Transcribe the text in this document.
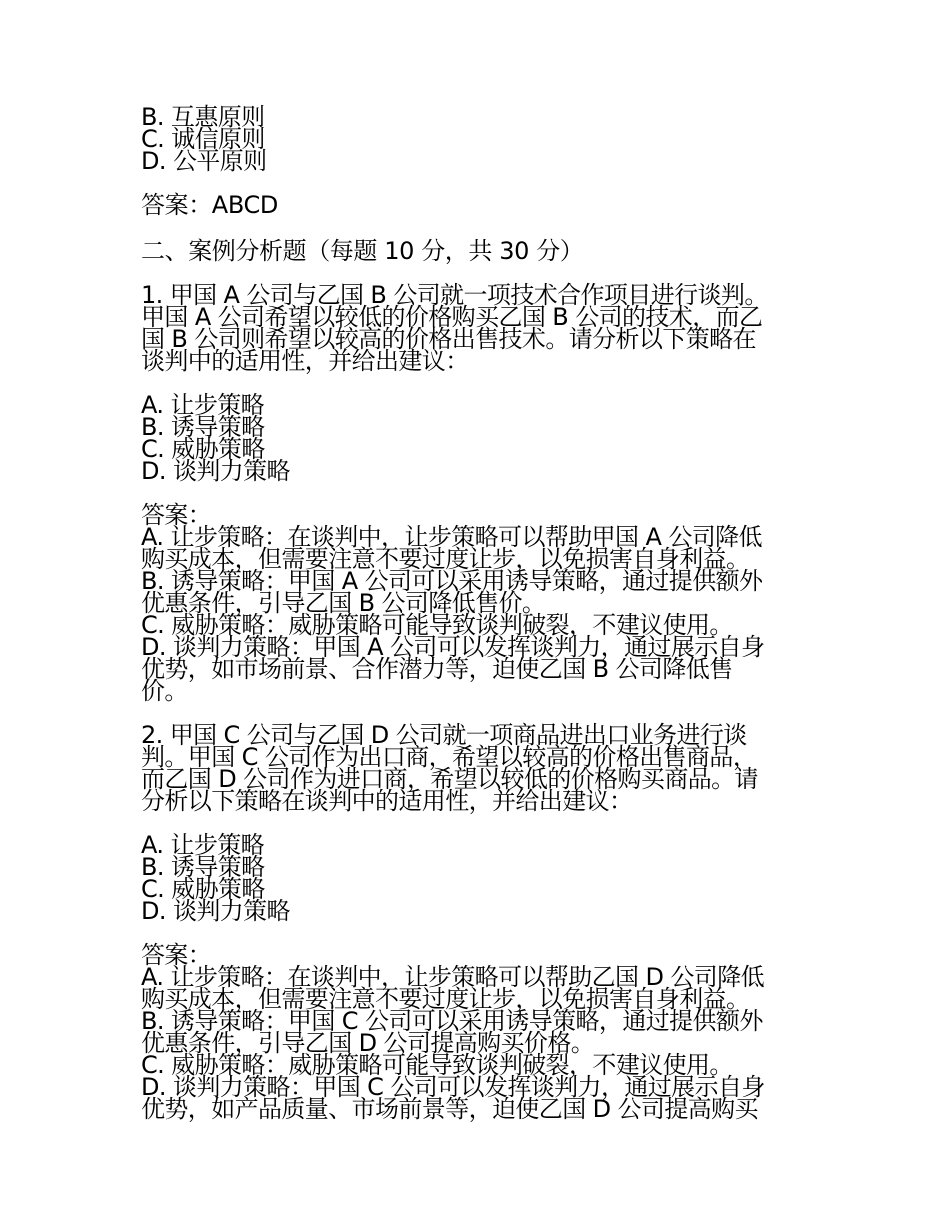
B. 互惠原则
C. 诚信原则
D. 公平原则
答案：ABCD
二、案例分析题（每题 10 分，共 30 分）
1. 甲国 A 公司与乙国 B 公司就一项技术合作项目进行谈判。
甲国 A 公司希望以较低的价格购买乙国 B 公司的技术，而乙
国 B 公司则希望以较高的价格出售技术。请分析以下策略在
谈判中的适用性，并给出建议：
A. 让步策略
B. 诱导策略
C. 威胁策略
D. 谈判力策略
答案：
A. 让步策略：在谈判中，让步策略可以帮助甲国 A 公司降低
购买成本，但需要注意不要过度让步，以免损害自身利益。
B. 诱导策略：甲国 A 公司可以采用诱导策略，通过提供额外
优惠条件，引导乙国 B 公司降低售价。
C. 威胁策略：威胁策略可能导致谈判破裂，不建议使用。
D. 谈判力策略：甲国 A 公司可以发挥谈判力，通过展示自身
优势，如市场前景、合作潜力等，迫使乙国 B 公司降低售
价。
2. 甲国 C 公司与乙国 D 公司就一项商品进出口业务进行谈
判。甲国 C 公司作为出口商，希望以较高的价格出售商品，
而乙国 D 公司作为进口商，希望以较低的价格购买商品。请
分析以下策略在谈判中的适用性，并给出建议：
A. 让步策略
B. 诱导策略
C. 威胁策略
D. 谈判力策略
答案：
A. 让步策略：在谈判中，让步策略可以帮助乙国 D 公司降低
购买成本，但需要注意不要过度让步，以免损害自身利益。
B. 诱导策略：甲国 C 公司可以采用诱导策略，通过提供额外
优惠条件，引导乙国 D 公司提高购买价格。
C. 威胁策略：威胁策略可能导致谈判破裂，不建议使用。
D. 谈判力策略：甲国 C 公司可以发挥谈判力，通过展示自身
优势，如产品质量、市场前景等，迫使乙国 D 公司提高购买
